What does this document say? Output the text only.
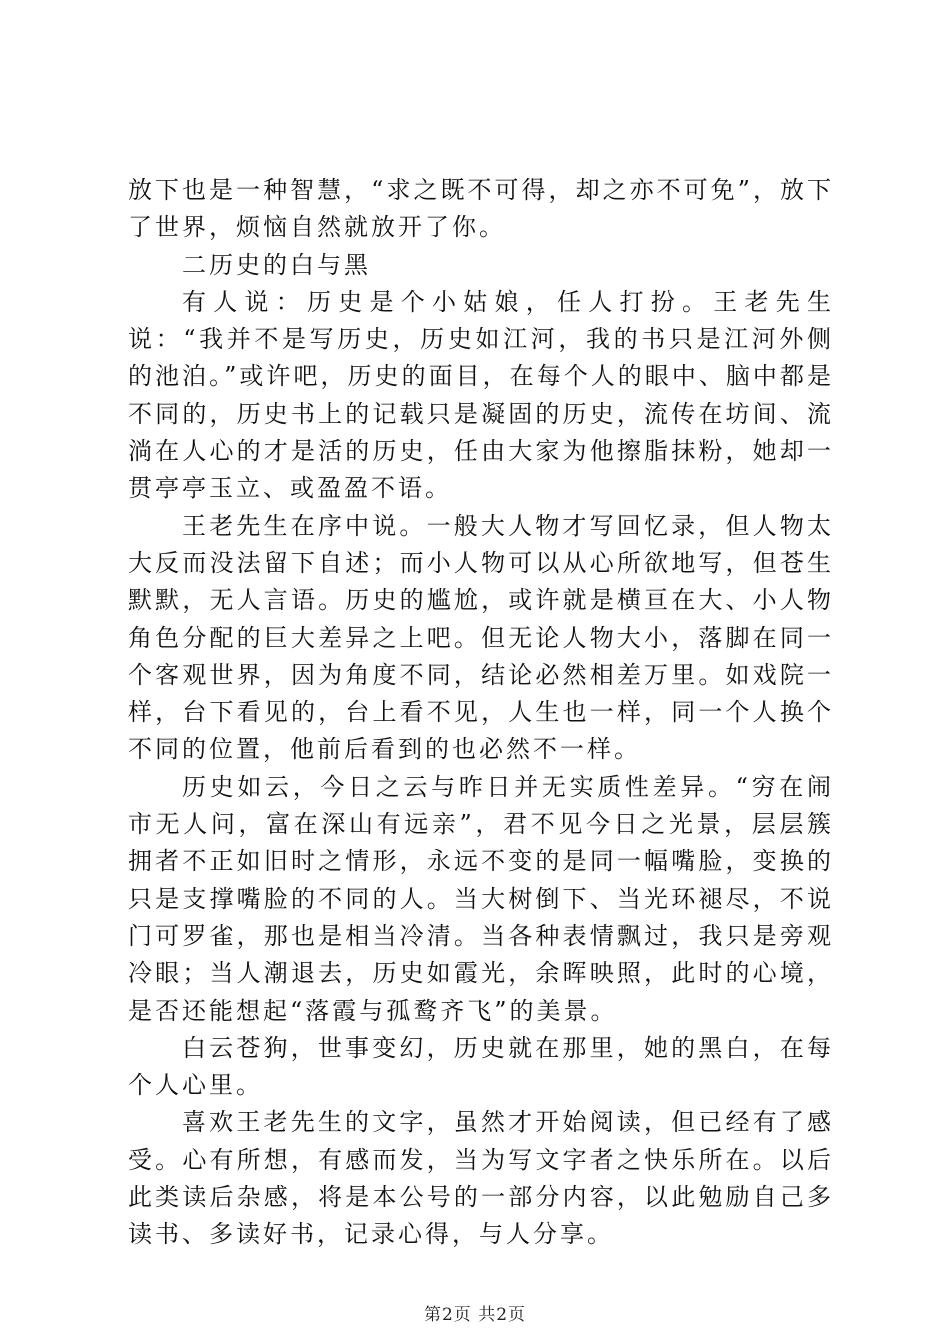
放下也是一种智慧，“求之既不可得，却之亦不可免”，放下了世界，烦恼自然就放开了你。

二历史的白与黑

有人说：历史是个小姑娘，任人打扮。王老先生说：“我并不是写历史，历史如江河，我的书只是江河外侧的池泊。”或许吧，历史的面目，在每个人的眼中、脑中都是不同的，历史书上的记载只是凝固的历史，流传在坊间、流淌在人心的才是活的历史，任由大家为他擦脂抹粉，她却一贯亭亭玉立、或盈盈不语。

王老先生在序中说。一般大人物才写回忆录，但人物太大反而没法留下自述；而小人物可以从心所欲地写，但苍生默默，无人言语。历史的尴尬，或许就是横亘在大、小人物角色分配的巨大差异之上吧。但无论人物大小，落脚在同一个客观世界，因为角度不同，结论必然相差万里。如戏院一样，台下看见的，台上看不见，人生也一样，同一个人换个不同的位置，他前后看到的也必然不一样。

历史如云，今日之云与昨日并无实质性差异。“穷在闹市无人问，富在深山有远亲”，君不见今日之光景，层层簇拥者不正如旧时之情形，永远不变的是同一幅嘴脸，变换的只是支撑嘴脸的不同的人。当大树倒下、当光环褪尽，不说门可罗雀，那也是相当冷清。当各种表情飘过，我只是旁观冷眼；当人潮退去，历史如霞光，余晖映照，此时的心境，是否还能想起“落霞与孤鹜齐飞”的美景。

白云苍狗，世事变幻，历史就在那里，她的黑白，在每个人心里。

喜欢王老先生的文字，虽然才开始阅读，但已经有了感受。心有所想，有感而发，当为写文字者之快乐所在。以后此类读后杂感，将是本公号的一部分内容，以此勉励自己多读书、多读好书，记录心得，与人分享。

第2页 共2页
